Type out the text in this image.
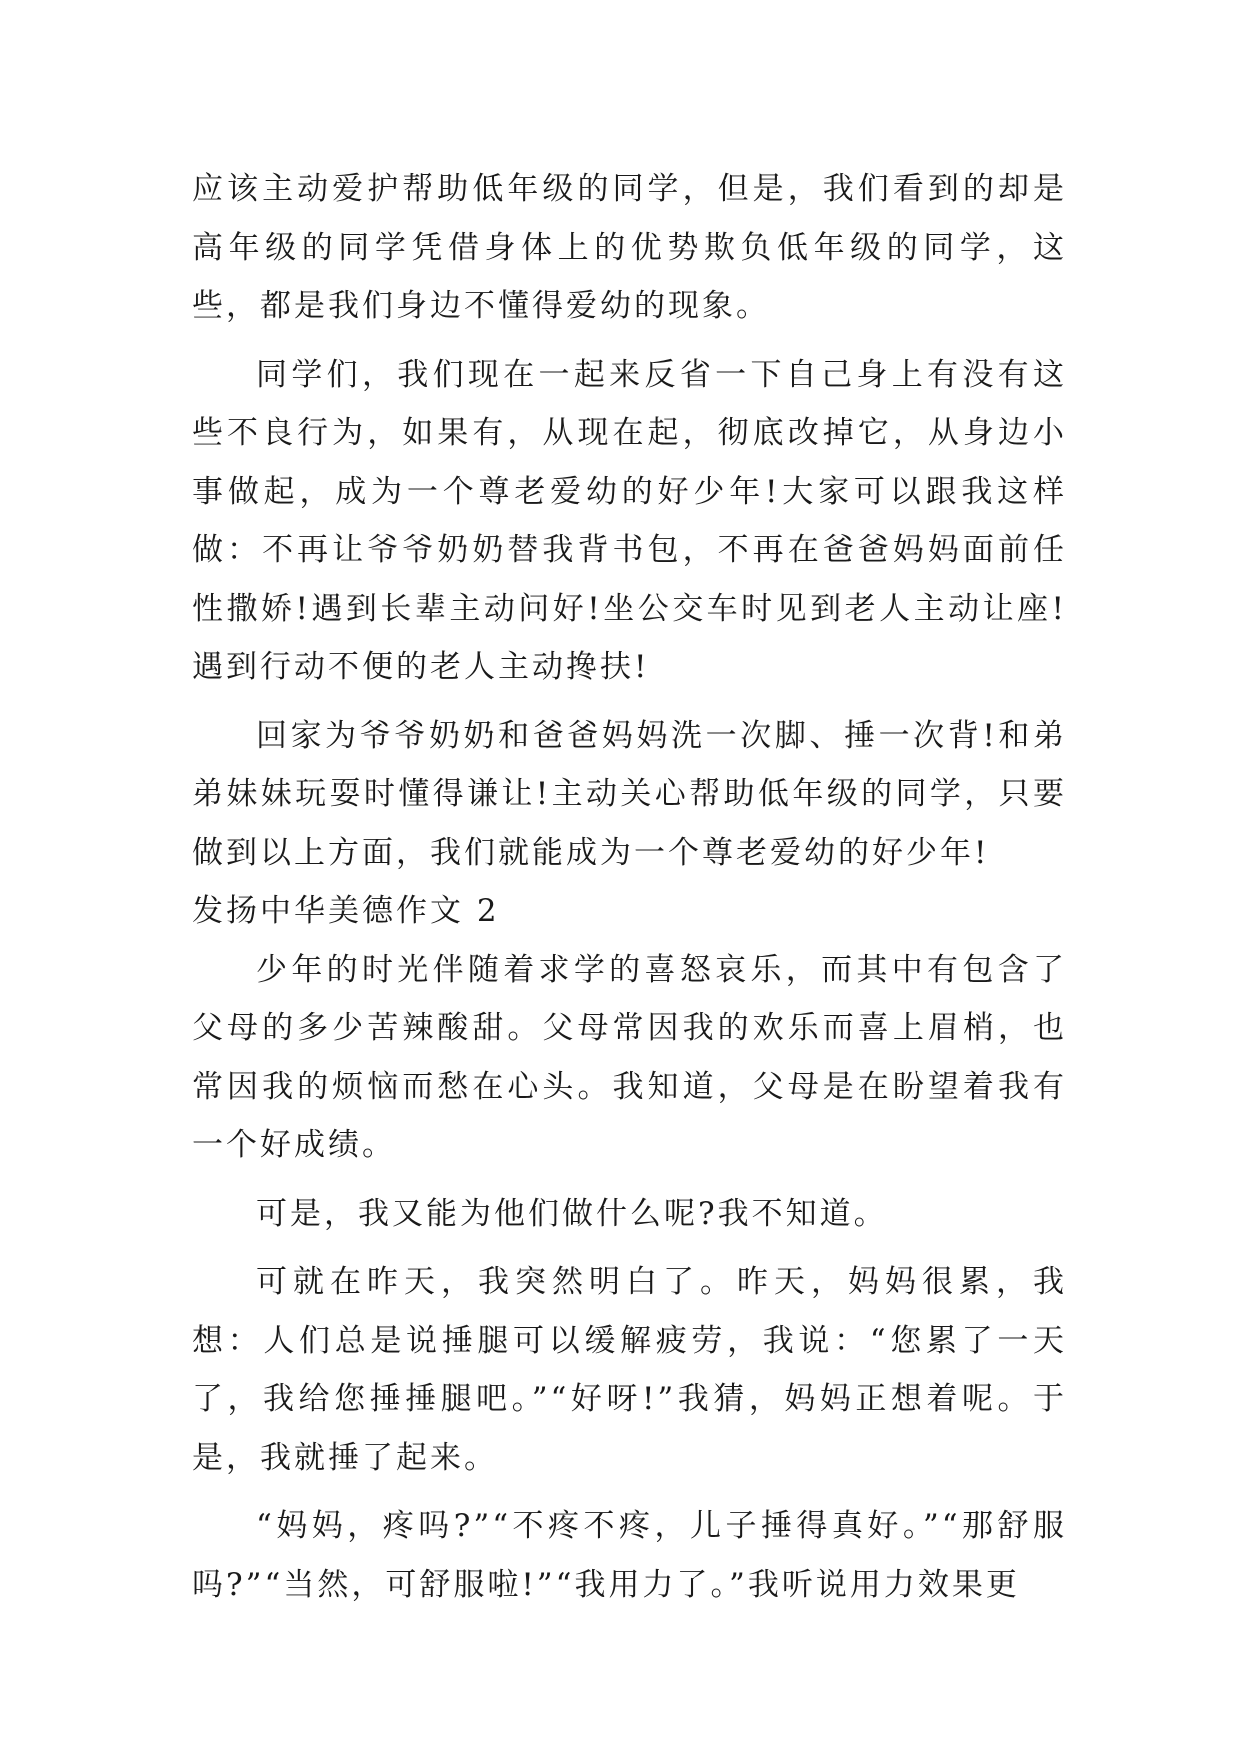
应该主动爱护帮助低年级的同学，但是，我们看到的却是高年级的同学凭借身体上的优势欺负低年级的同学，这些，都是我们身边不懂得爱幼的现象。

同学们，我们现在一起来反省一下自己身上有没有这些不良行为，如果有，从现在起，彻底改掉它，从身边小事做起，成为一个尊老爱幼的好少年!大家可以跟我这样做：不再让爷爷奶奶替我背书包，不再在爸爸妈妈面前任性撒娇!遇到长辈主动问好!坐公交车时见到老人主动让座!遇到行动不便的老人主动搀扶!

回家为爷爷奶奶和爸爸妈妈洗一次脚、捶一次背!和弟弟妹妹玩耍时懂得谦让!主动关心帮助低年级的同学，只要做到以上方面，我们就能成为一个尊老爱幼的好少年!

发扬中华美德作文 2

少年的时光伴随着求学的喜怒哀乐，而其中有包含了父母的多少苦辣酸甜。父母常因我的欢乐而喜上眉梢，也常因我的烦恼而愁在心头。我知道，父母是在盼望着我有一个好成绩。

可是，我又能为他们做什么呢?我不知道。

可就在昨天，我突然明白了。昨天，妈妈很累，我想：人们总是说捶腿可以缓解疲劳，我说：“您累了一天了，我给您捶捶腿吧。”“好呀!”我猜，妈妈正想着呢。于是，我就捶了起来。

“妈妈，疼吗?”“不疼不疼，儿子捶得真好。”“那舒服吗?”“当然，可舒服啦!”“我用力了。”我听说用力效果更
